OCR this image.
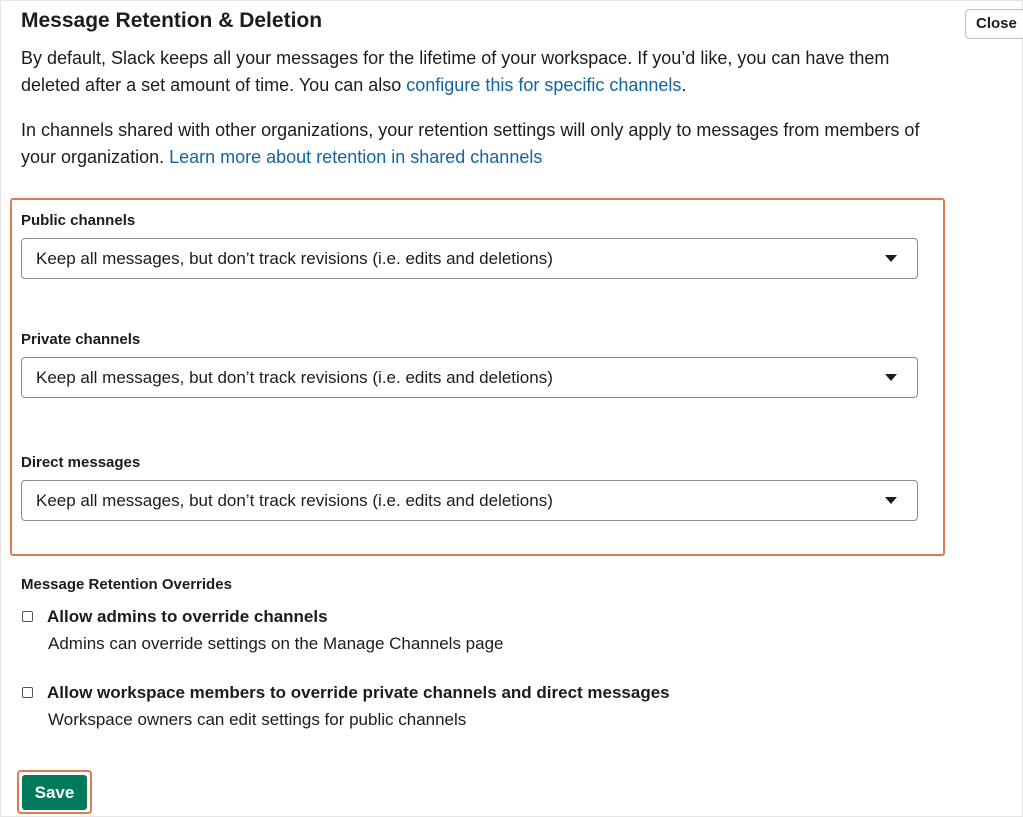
Message Retention & Deletion	Close
By default, Slack keeps all your messages for the lifetime of your workspace. If you’d like, you can have them deleted after a set amount of time. You can also configure this for specific channels.
In channels shared with other organizations, your retention settings will only apply to messages from members of your organization. Learn more about retention in shared channels
Public channels
Keep all messages, but don’t track revisions (i.e. edits and deletions)
Private channels
Keep all messages, but don’t track revisions (i.e. edits and deletions)
Direct messages
Keep all messages, but don’t track revisions (i.e. edits and deletions)
Message Retention Overrides
Allow admins to override channels
Admins can override settings on the Manage Channels page
Allow workspace members to override private channels and direct messages
Workspace owners can edit settings for public channels
Save
